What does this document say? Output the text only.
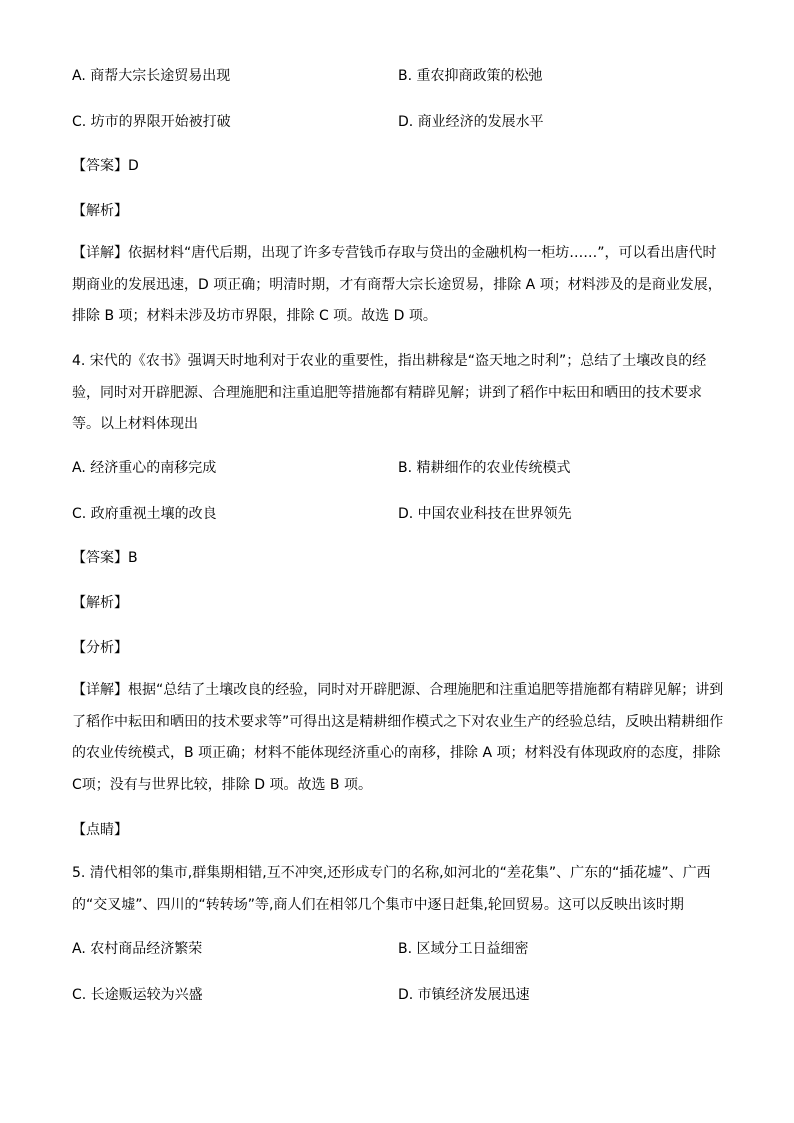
A. 商帮大宗长途贸易出现	B. 重农抑商政策的松弛
C. 坊市的界限开始被打破	D. 商业经济的发展水平
【答案】D
【解析】
【详解】依据材料“唐代后期，出现了许多专营钱币存取与贷出的金融机构一柜坊……”，可以看出唐代时期商业的发展迅速，D 项正确；明清时期，才有商帮大宗长途贸易，排除 A 项；材料涉及的是商业发展，排除 B 项；材料未涉及坊市界限，排除 C 项。故选 D 项。
4. 宋代的《农书》强调天时地利对于农业的重要性，指出耕稼是“盗天地之时利”；总结了土壤改良的经验，同时对开辟肥源、合理施肥和注重追肥等措施都有精辟见解；讲到了稻作中耘田和晒田的技术要求等。以上材料体现出
A. 经济重心的南移完成	B. 精耕细作的农业传统模式
C. 政府重视土壤的改良	D. 中国农业科技在世界领先
【答案】B
【解析】
【分析】
【详解】根据“总结了土壤改良的经验，同时对开辟肥源、合理施肥和注重追肥等措施都有精辟见解；讲到了稻作中耘田和晒田的技术要求等”可得出这是精耕细作模式之下对农业生产的经验总结，反映出精耕细作的农业传统模式，B 项正确；材料不能体现经济重心的南移，排除 A 项；材料没有体现政府的态度，排除 C项；没有与世界比较，排除 D 项。故选 B 项。
【点睛】
5. 清代相邻的集市,群集期相错,互不冲突,还形成专门的名称,如河北的“差花集”、广东的“插花墟”、广西的“交叉墟”、四川的“转转场”等,商人们在相邻几个集市中逐日赶集,轮回贸易。这可以反映出该时期
A. 农村商品经济繁荣	B. 区域分工日益细密
C. 长途贩运较为兴盛	D. 市镇经济发展迅速
